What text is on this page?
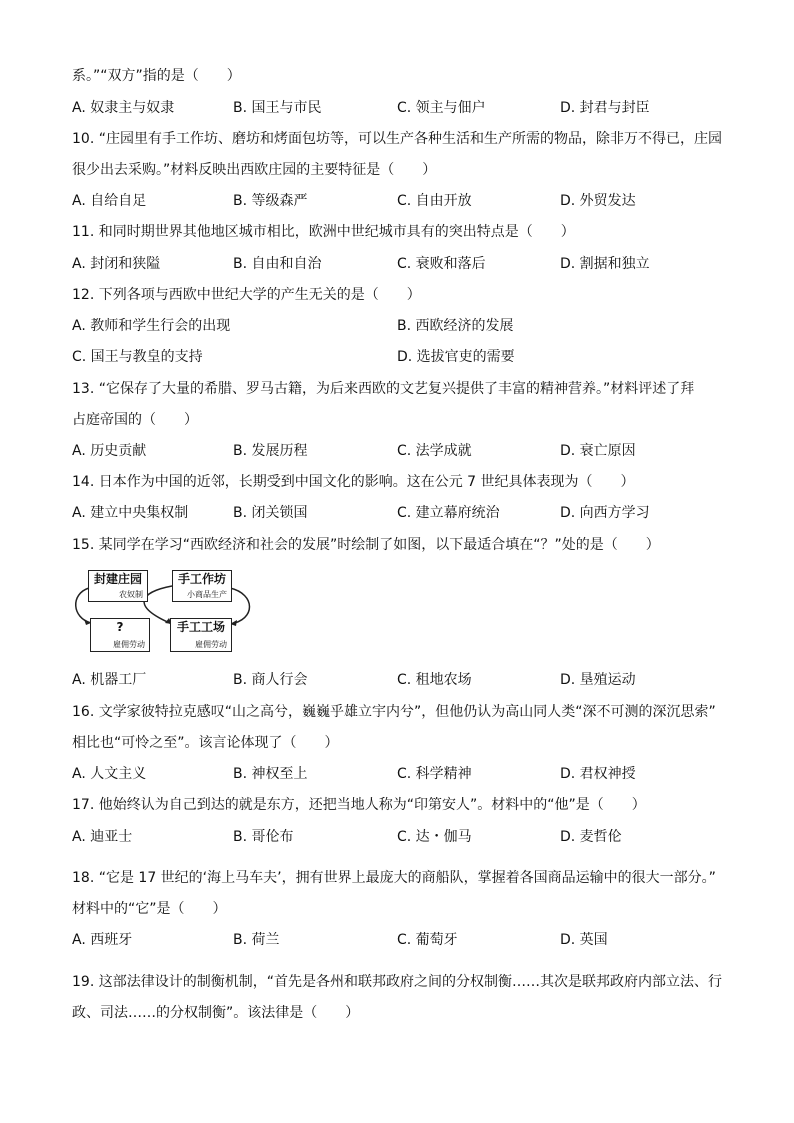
系。”“双方”指的是（　　）
A. 奴隶主与奴隶	B. 国王与市民	C. 领主与佃户	D. 封君与封臣
10. “庄园里有手工作坊、磨坊和烤面包坊等，可以生产各种生活和生产所需的物品，除非万不得已，庄园
很少出去采购。”材料反映出西欧庄园的主要特征是（　　）
A. 自给自足	B. 等级森严	C. 自由开放	D. 外贸发达
11. 和同时期世界其他地区城市相比，欧洲中世纪城市具有的突出特点是（　　）
A. 封闭和狭隘	B. 自由和自治	C. 衰败和落后	D. 割据和独立
12. 下列各项与西欧中世纪大学的产生无关的是（　　）
A. 教师和学生行会的出现	B. 西欧经济的发展
C. 国王与教皇的支持	D. 选拔官吏的需要
13. “它保存了大量的希腊、罗马古籍，为后来西欧的文艺复兴提供了丰富的精神营养。”材料评述了拜
占庭帝国的（　　）
A. 历史贡献	B. 发展历程	C. 法学成就	D. 衰亡原因
14. 日本作为中国的近邻，长期受到中国文化的影响。这在公元 7 世纪具体表现为（　　）
A. 建立中央集权制	B. 闭关锁国	C. 建立幕府统治	D. 向西方学习
15. 某同学在学习“西欧经济和社会的发展”时绘制了如图，以下最适合填在“？”处的是（　　）
封建庄园
农奴制
手工作坊
小商品生产
?
雇佣劳动
手工工场
雇佣劳动
A. 机器工厂	B. 商人行会	C. 租地农场	D. 垦殖运动
16. 文学家彼特拉克感叹“山之高兮，巍巍乎雄立宇内兮”，但他仍认为高山同人类“深不可测的深沉思索”
相比也“可怜之至”。该言论体现了（　　）
A. 人文主义	B. 神权至上	C. 科学精神	D. 君权神授
17. 他始终认为自己到达的就是东方，还把当地人称为“印第安人”。材料中的“他”是（　　）
A. 迪亚士	B. 哥伦布	C. 达・伽马	D. 麦哲伦
18. “它是 17 世纪的‘海上马车夫’，拥有世界上最庞大的商船队，掌握着各国商品运输中的很大一部分。”
材料中的“它”是（　　）
A. 西班牙	B. 荷兰	C. 葡萄牙	D. 英国
19. 这部法律设计的制衡机制，“首先是各州和联邦政府之间的分权制衡……其次是联邦政府内部立法、行
政、司法……的分权制衡”。该法律是（　　）
